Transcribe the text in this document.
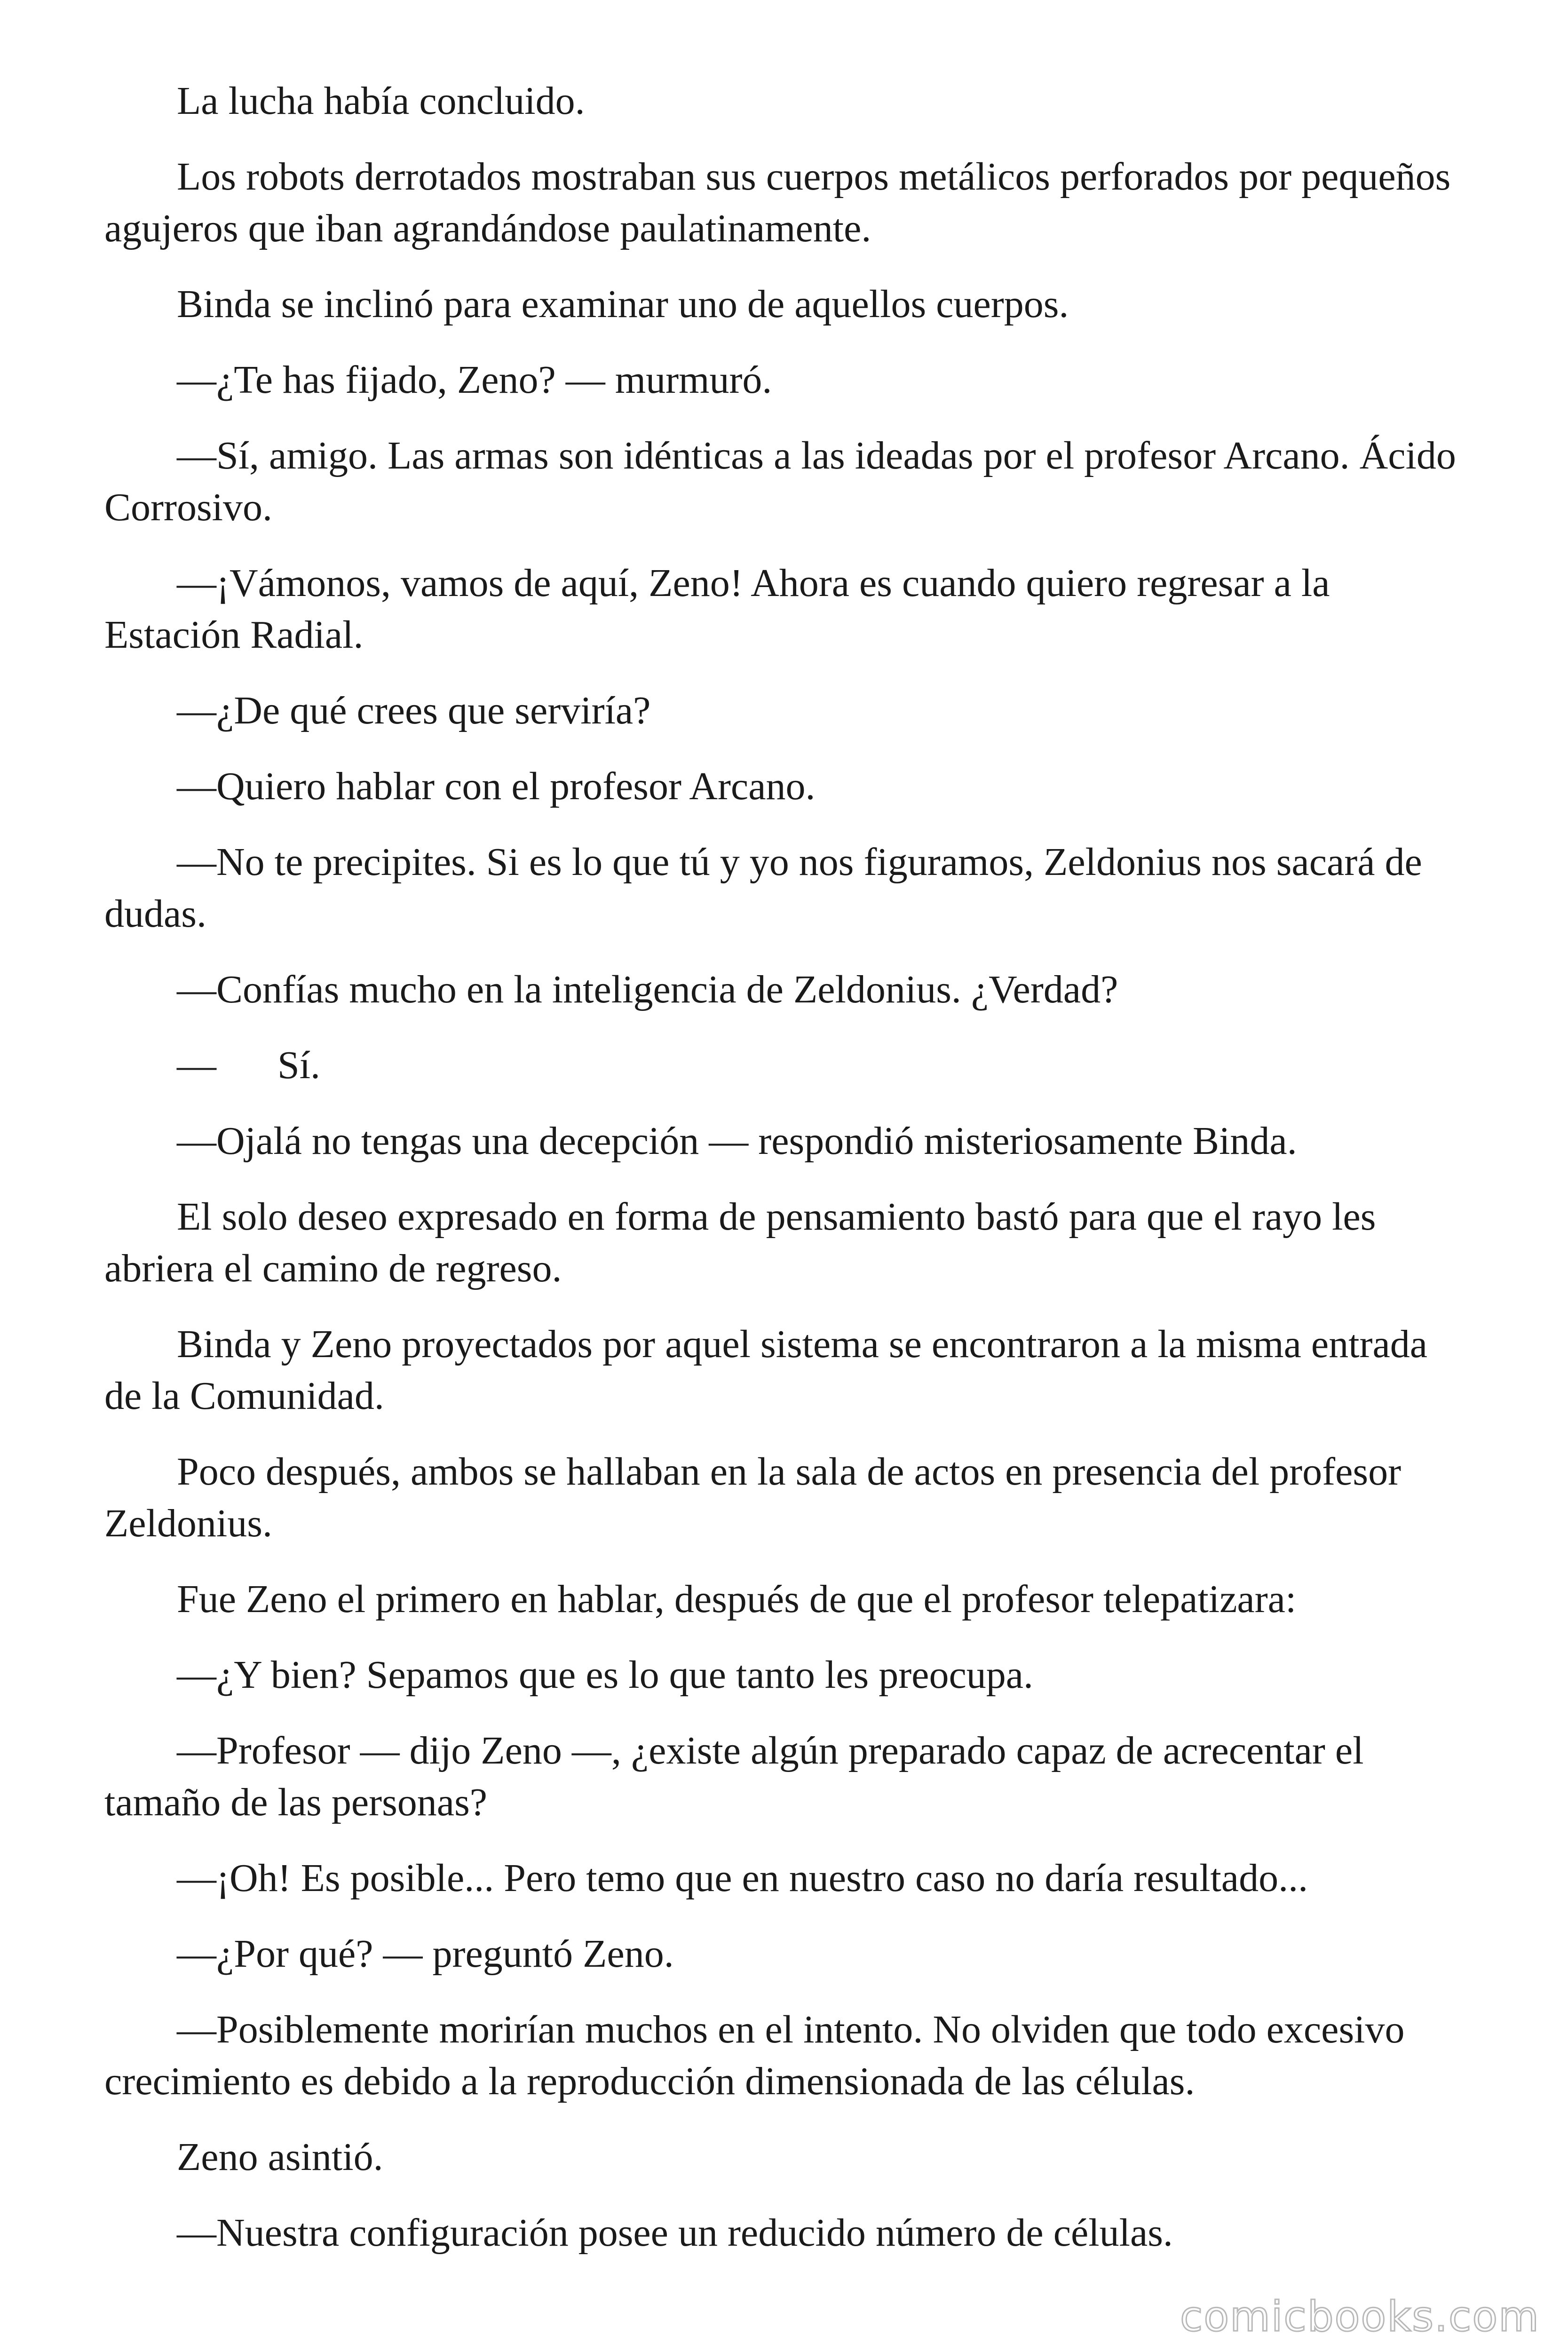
La lucha había concluido.

Los robots derrotados mostraban sus cuerpos metálicos perforados por pequeños agujeros que iban agrandándose paulatinamente.

Binda se inclinó para examinar uno de aquellos cuerpos.

—¿Te has fijado, Zeno? — murmuró.

—Sí, amigo. Las armas son idénticas a las ideadas por el profesor Arcano. Ácido Corrosivo.

—¡Vámonos, vamos de aquí, Zeno! Ahora es cuando quiero regresar a la Estación Radial.

—¿De qué crees que serviría?

—Quiero hablar con el profesor Arcano.

—No te precipites. Si es lo que tú y yo nos figuramos, Zeldonius nos sacará de dudas.

—Confías mucho en la inteligencia de Zeldonius. ¿Verdad?

— Sí.

—Ojalá no tengas una decepción — respondió misteriosamente Binda.

El solo deseo expresado en forma de pensamiento bastó para que el rayo les abriera el camino de regreso.

Binda y Zeno proyectados por aquel sistema se encontraron a la misma entrada de la Comunidad.

Poco después, ambos se hallaban en la sala de actos en presencia del profesor Zeldonius.

Fue Zeno el primero en hablar, después de que el profesor telepatizara:

—¿Y bien? Sepamos que es lo que tanto les preocupa.

—Profesor — dijo Zeno —, ¿existe algún preparado capaz de acrecentar el tamaño de las personas?

—¡Oh! Es posible... Pero temo que en nuestro caso no daría resultado...

—¿Por qué? — preguntó Zeno.

—Posiblemente morirían muchos en el intento. No olviden que todo excesivo crecimiento es debido a la reproducción dimensionada de las células.

Zeno asintió.

—Nuestra configuración posee un reducido número de células.

comicbooks.com
